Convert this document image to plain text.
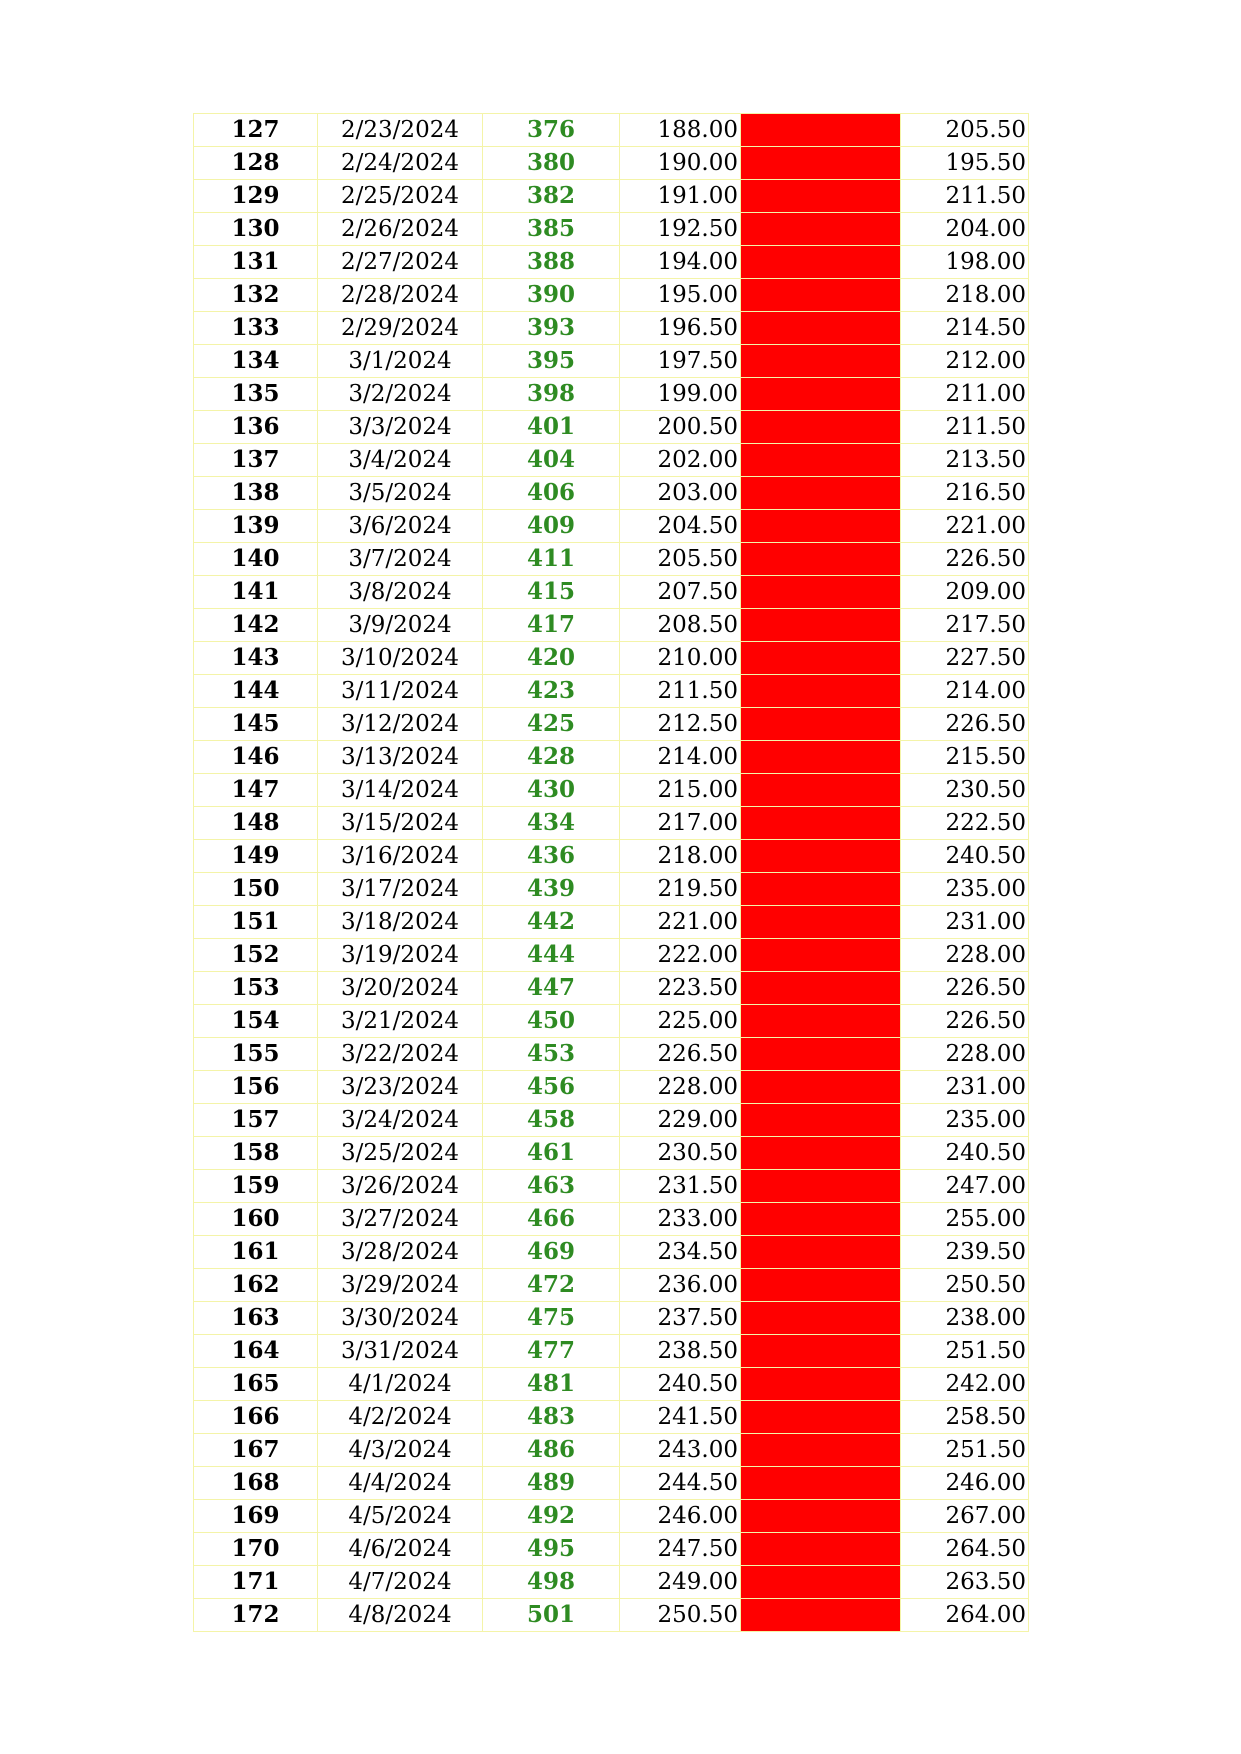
127	2/23/2024	376	188.00		205.50
128	2/24/2024	380	190.00		195.50
129	2/25/2024	382	191.00		211.50
130	2/26/2024	385	192.50		204.00
131	2/27/2024	388	194.00		198.00
132	2/28/2024	390	195.00		218.00
133	2/29/2024	393	196.50		214.50
134	3/1/2024	395	197.50		212.00
135	3/2/2024	398	199.00		211.00
136	3/3/2024	401	200.50		211.50
137	3/4/2024	404	202.00		213.50
138	3/5/2024	406	203.00		216.50
139	3/6/2024	409	204.50		221.00
140	3/7/2024	411	205.50		226.50
141	3/8/2024	415	207.50		209.00
142	3/9/2024	417	208.50		217.50
143	3/10/2024	420	210.00		227.50
144	3/11/2024	423	211.50		214.00
145	3/12/2024	425	212.50		226.50
146	3/13/2024	428	214.00		215.50
147	3/14/2024	430	215.00		230.50
148	3/15/2024	434	217.00		222.50
149	3/16/2024	436	218.00		240.50
150	3/17/2024	439	219.50		235.00
151	3/18/2024	442	221.00		231.00
152	3/19/2024	444	222.00		228.00
153	3/20/2024	447	223.50		226.50
154	3/21/2024	450	225.00		226.50
155	3/22/2024	453	226.50		228.00
156	3/23/2024	456	228.00		231.00
157	3/24/2024	458	229.00		235.00
158	3/25/2024	461	230.50		240.50
159	3/26/2024	463	231.50		247.00
160	3/27/2024	466	233.00		255.00
161	3/28/2024	469	234.50		239.50
162	3/29/2024	472	236.00		250.50
163	3/30/2024	475	237.50		238.00
164	3/31/2024	477	238.50		251.50
165	4/1/2024	481	240.50		242.00
166	4/2/2024	483	241.50		258.50
167	4/3/2024	486	243.00		251.50
168	4/4/2024	489	244.50		246.00
169	4/5/2024	492	246.00		267.00
170	4/6/2024	495	247.50		264.50
171	4/7/2024	498	249.00		263.50
172	4/8/2024	501	250.50		264.00
